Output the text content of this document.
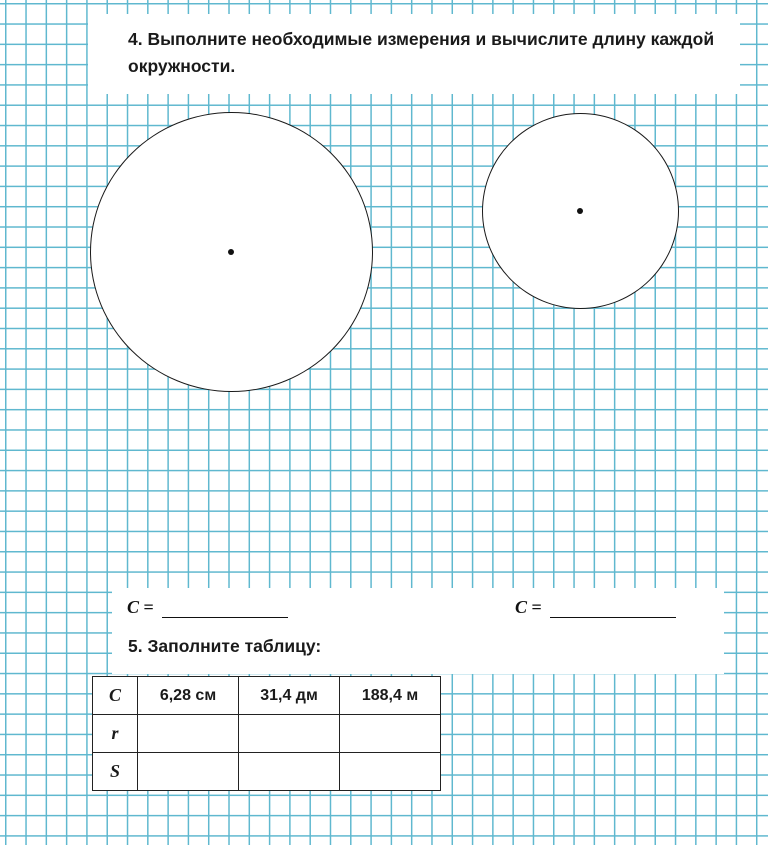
4. Выполните необходимые измерения и вычислите длину каждой окружности.
C =	C =
5. Заполните таблицу:
C	6,28 см	31,4 дм	188,4 м
r			
S			
